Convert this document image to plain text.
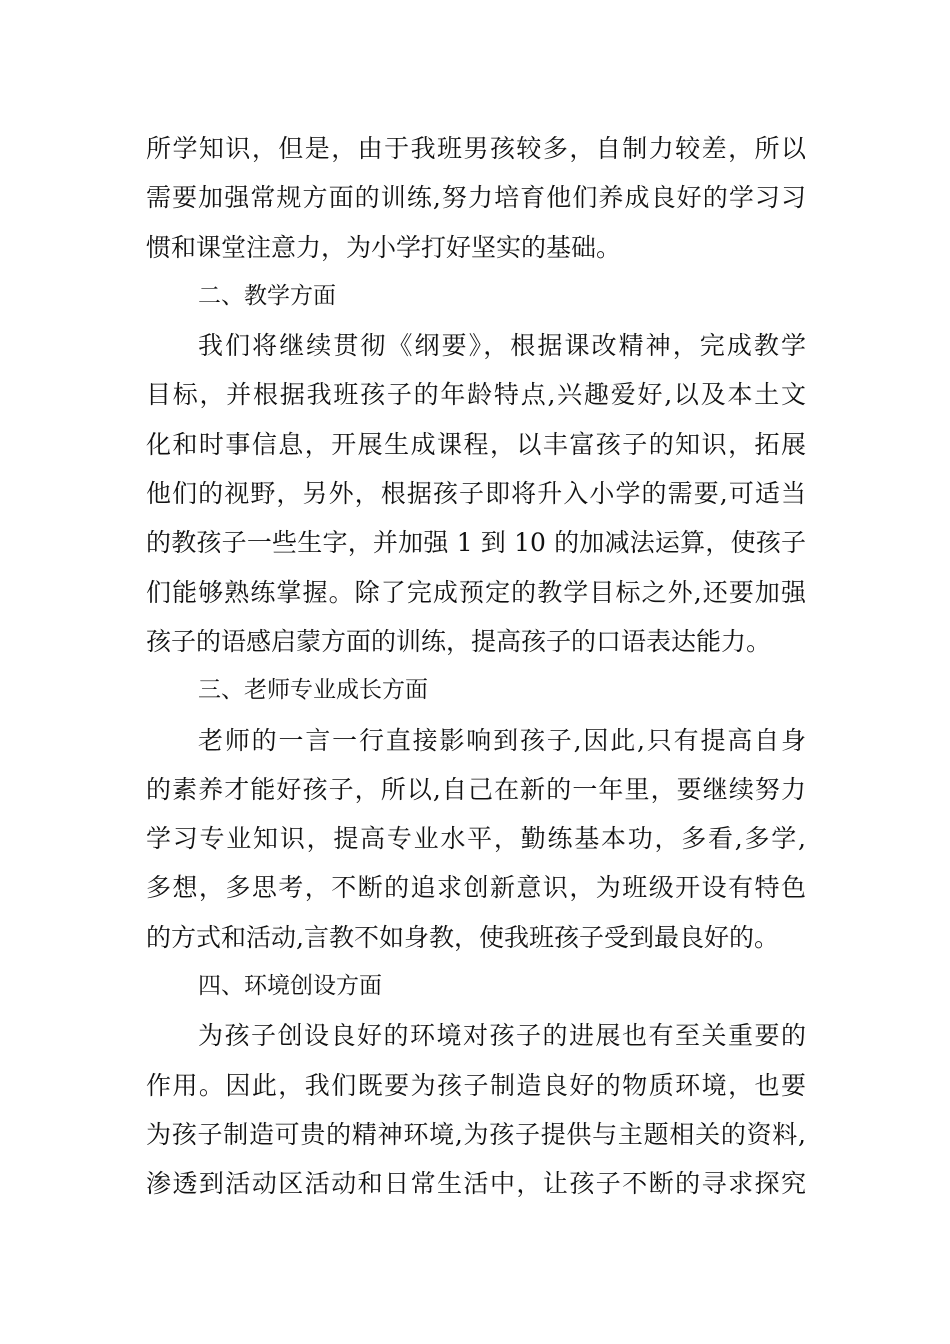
所学知识，但是，由于我班男孩较多，自制力较差，所以
需要加强常规方面的训练,努力培育他们养成良好的学习习
惯和课堂注意力，为小学打好坚实的基础。
二、教学方面
我们将继续贯彻《纲要》，根据课改精神，完成教学
目标，并根据我班孩子的年龄特点,兴趣爱好,以及本土文
化和时事信息，开展生成课程，以丰富孩子的知识，拓展
他们的视野，另外，根据孩子即将升入小学的需要,可适当
的教孩子一些生字，并加强 1 到 10 的加减法运算，使孩子
们能够熟练掌握。除了完成预定的教学目标之外,还要加强
孩子的语感启蒙方面的训练，提高孩子的口语表达能力。
三、老师专业成长方面
老师的一言一行直接影响到孩子,因此,只有提高自身
的素养才能好孩子，所以,自己在新的一年里，要继续努力
学习专业知识，提高专业水平，勤练基本功，多看,多学,
多想，多思考，不断的追求创新意识，为班级开设有特色
的方式和活动,言教不如身教，使我班孩子受到最良好的。
四、环境创设方面
为孩子创设良好的环境对孩子的进展也有至关重要的
作用。因此，我们既要为孩子制造良好的物质环境，也要
为孩子制造可贵的精神环境,为孩子提供与主题相关的资料,
渗透到活动区活动和日常生活中，让孩子不断的寻求探究
